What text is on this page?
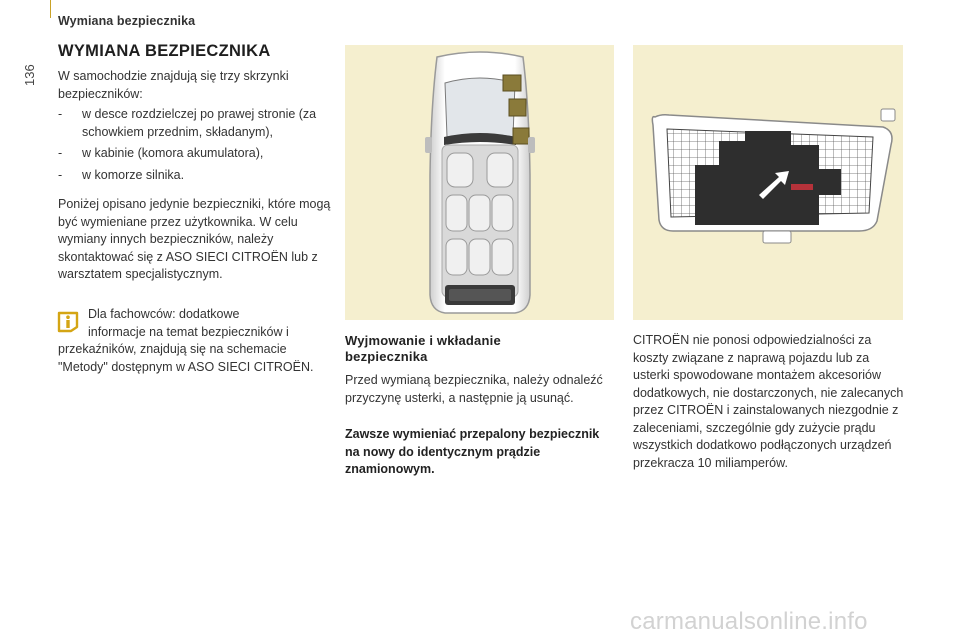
Wymiana bezpiecznika
136
WYMIANA BEZPIECZNIKA
W samochodzie znajdują się trzy skrzynki bezpieczników:
- w desce rozdzielczej po prawej stronie (za schowkiem przednim, składanym),
- w kabinie (komora akumulatora),
- w komorze silnika.
Poniżej opisano jedynie bezpieczniki, które mogą być wymieniane przez użytkownika. W celu wymiany innych bezpieczników, należy skontaktować się z ASO SIECI CITROËN lub z warsztatem specjalistycznym.
Dla fachowców: dodatkowe
informacje na temat bezpieczników i przekaźników, znajdują się na schemacie "Metody" dostępnym w ASO SIECI CITROËN.
Wyjmowanie i wkładanie bezpiecznika
Przed wymianą bezpiecznika, należy odnaleźć przyczynę usterki, a następnie ją usunąć.
Zawsze wymieniać przepalony bezpiecznik na nowy do identycznym prądzie znamionowym.
CITROËN nie ponosi odpowiedzialności za koszty związane z naprawą pojazdu lub za usterki spowodowane montażem akcesoriów dodatkowych, nie dostarczonych, nie zalecanych przez CITROËN i zainstalowanych niezgodnie z zaleceniami, szczególnie gdy zużycie prądu wszystkich dodatkowo podłączonych urządzeń przekracza 10 miliamperów.
carmanualsonline.info
